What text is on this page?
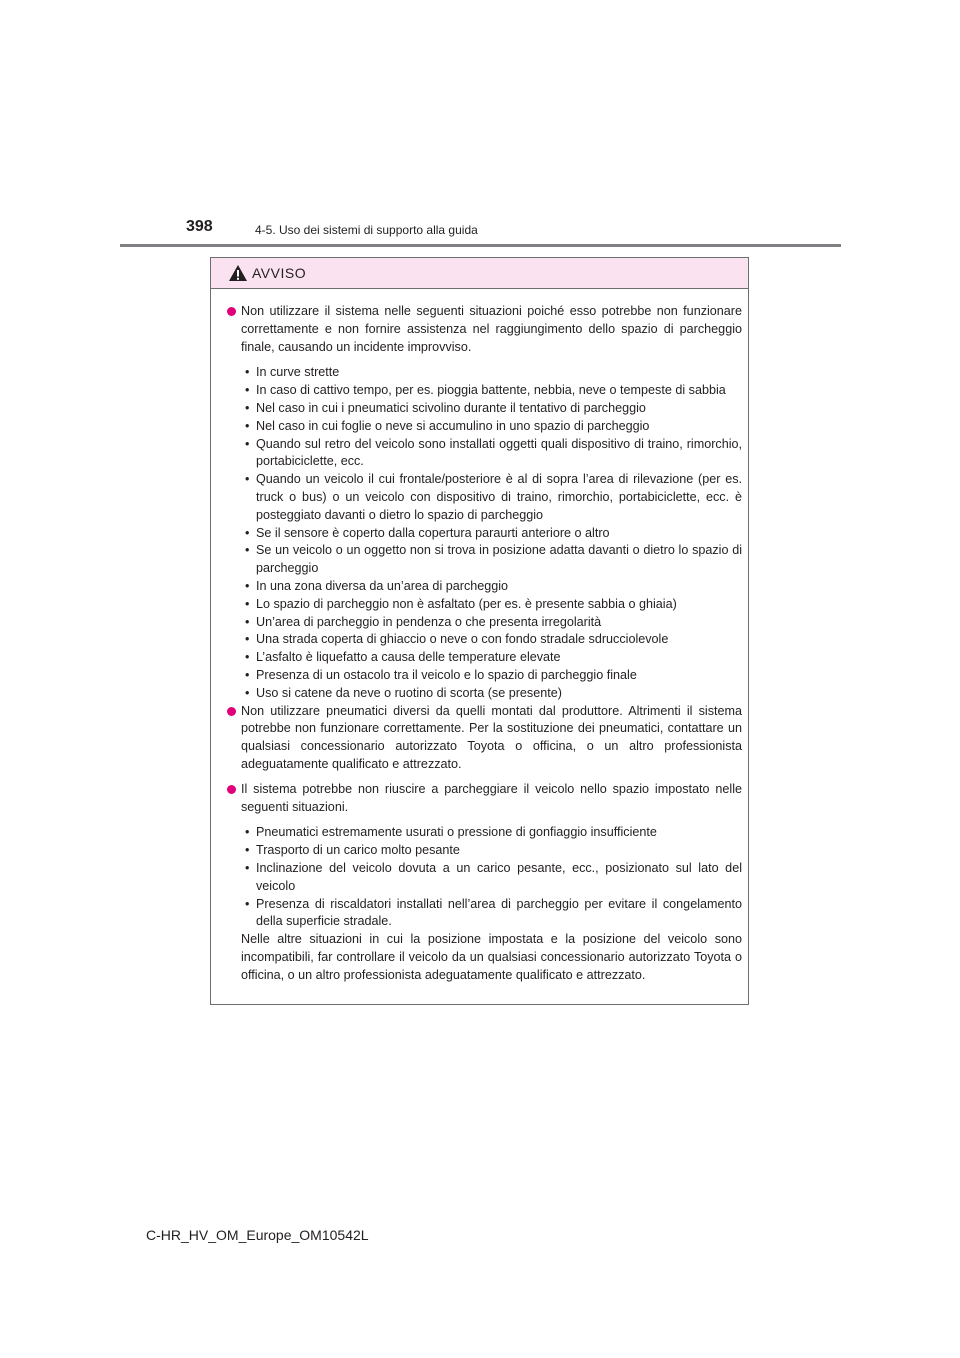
398	4-5. Uso dei sistemi di supporto alla guida
AVVISO
Non utilizzare il sistema nelle seguenti situazioni poiché esso potrebbe non funzionare correttamente e non fornire assistenza nel raggiungimento dello spazio di parcheggio finale, causando un incidente improvviso.
• In curve strette
• In caso di cattivo tempo, per es. pioggia battente, nebbia, neve o tempeste di sabbia
• Nel caso in cui i pneumatici scivolino durante il tentativo di parcheggio
• Nel caso in cui foglie o neve si accumulino in uno spazio di parcheggio
• Quando sul retro del veicolo sono installati oggetti quali dispositivo di traino, rimorchio, portabiciclette, ecc.
• Quando un veicolo il cui frontale/posteriore è al di sopra l’area di rilevazione (per es. truck o bus) o un veicolo con dispositivo di traino, rimorchio, portabiciclette, ecc. è posteggiato davanti o dietro lo spazio di parcheggio
• Se il sensore è coperto dalla copertura paraurti anteriore o altro
• Se un veicolo o un oggetto non si trova in posizione adatta davanti o dietro lo spazio di parcheggio
• In una zona diversa da un’area di parcheggio
• Lo spazio di parcheggio non è asfaltato (per es. è presente sabbia o ghiaia)
• Un’area di parcheggio in pendenza o che presenta irregolarità
• Una strada coperta di ghiaccio o neve o con fondo stradale sdrucciolevole
• L’asfalto è liquefatto a causa delle temperature elevate
• Presenza di un ostacolo tra il veicolo e lo spazio di parcheggio finale
• Uso si catene da neve o ruotino di scorta (se presente)
Non utilizzare pneumatici diversi da quelli montati dal produttore. Altrimenti il sistema potrebbe non funzionare correttamente. Per la sostituzione dei pneumatici, contattare un qualsiasi concessionario autorizzato Toyota o officina, o un altro professionista adeguatamente qualificato e attrezzato.
Il sistema potrebbe non riuscire a parcheggiare il veicolo nello spazio impostato nelle seguenti situazioni.
• Pneumatici estremamente usurati o pressione di gonfiaggio insufficiente
• Trasporto di un carico molto pesante
• Inclinazione del veicolo dovuta a un carico pesante, ecc., posizionato sul lato del veicolo
• Presenza di riscaldatori installati nell’area di parcheggio per evitare il congelamento della superficie stradale.
Nelle altre situazioni in cui la posizione impostata e la posizione del veicolo sono incompatibili, far controllare il veicolo da un qualsiasi concessionario autorizzato Toyota o officina, o un altro professionista adeguatamente qualificato e attrezzato.
C-HR_HV_OM_Europe_OM10542L
